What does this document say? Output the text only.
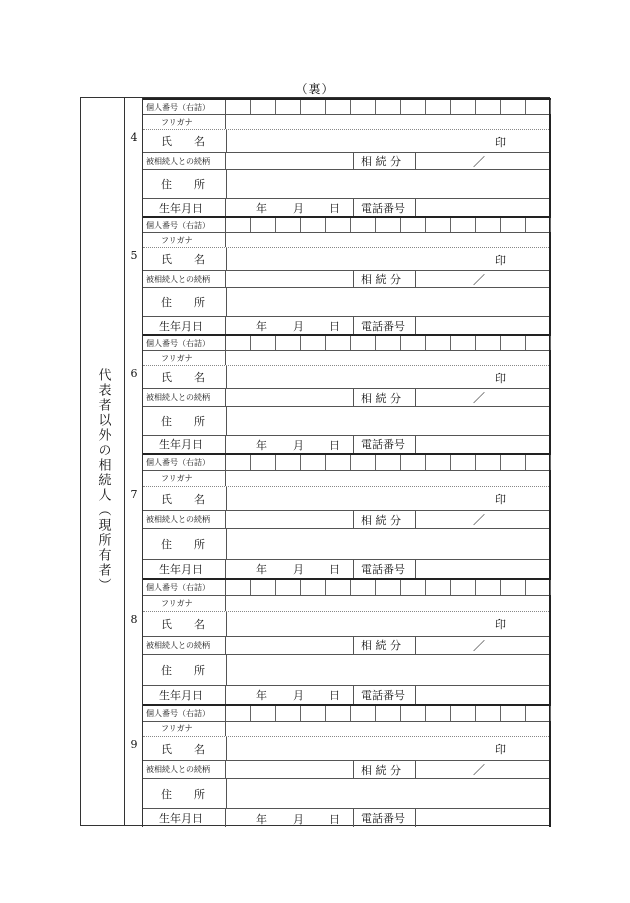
（裏）
代表者以外の相続人（現所有者）
4
個人番号（右詰）
フリガナ
氏　　名	印
被相続人との続柄	相 続 分	／
住　　所
生年月日	年 月 日	電話番号
5
個人番号（右詰）
フリガナ
氏　　名	印
被相続人との続柄	相 続 分	／
住　　所
生年月日	年 月 日	電話番号
6
個人番号（右詰）
フリガナ
氏　　名	印
被相続人との続柄	相 続 分	／
住　　所
生年月日	年 月 日	電話番号
7
個人番号（右詰）
フリガナ
氏　　名	印
被相続人との続柄	相 続 分	／
住　　所
生年月日	年 月 日	電話番号
8
個人番号（右詰）
フリガナ
氏　　名	印
被相続人との続柄	相 続 分	／
住　　所
生年月日	年 月 日	電話番号
9
個人番号（右詰）
フリガナ
氏　　名	印
被相続人との続柄	相 続 分	／
住　　所
生年月日	年 月 日	電話番号
